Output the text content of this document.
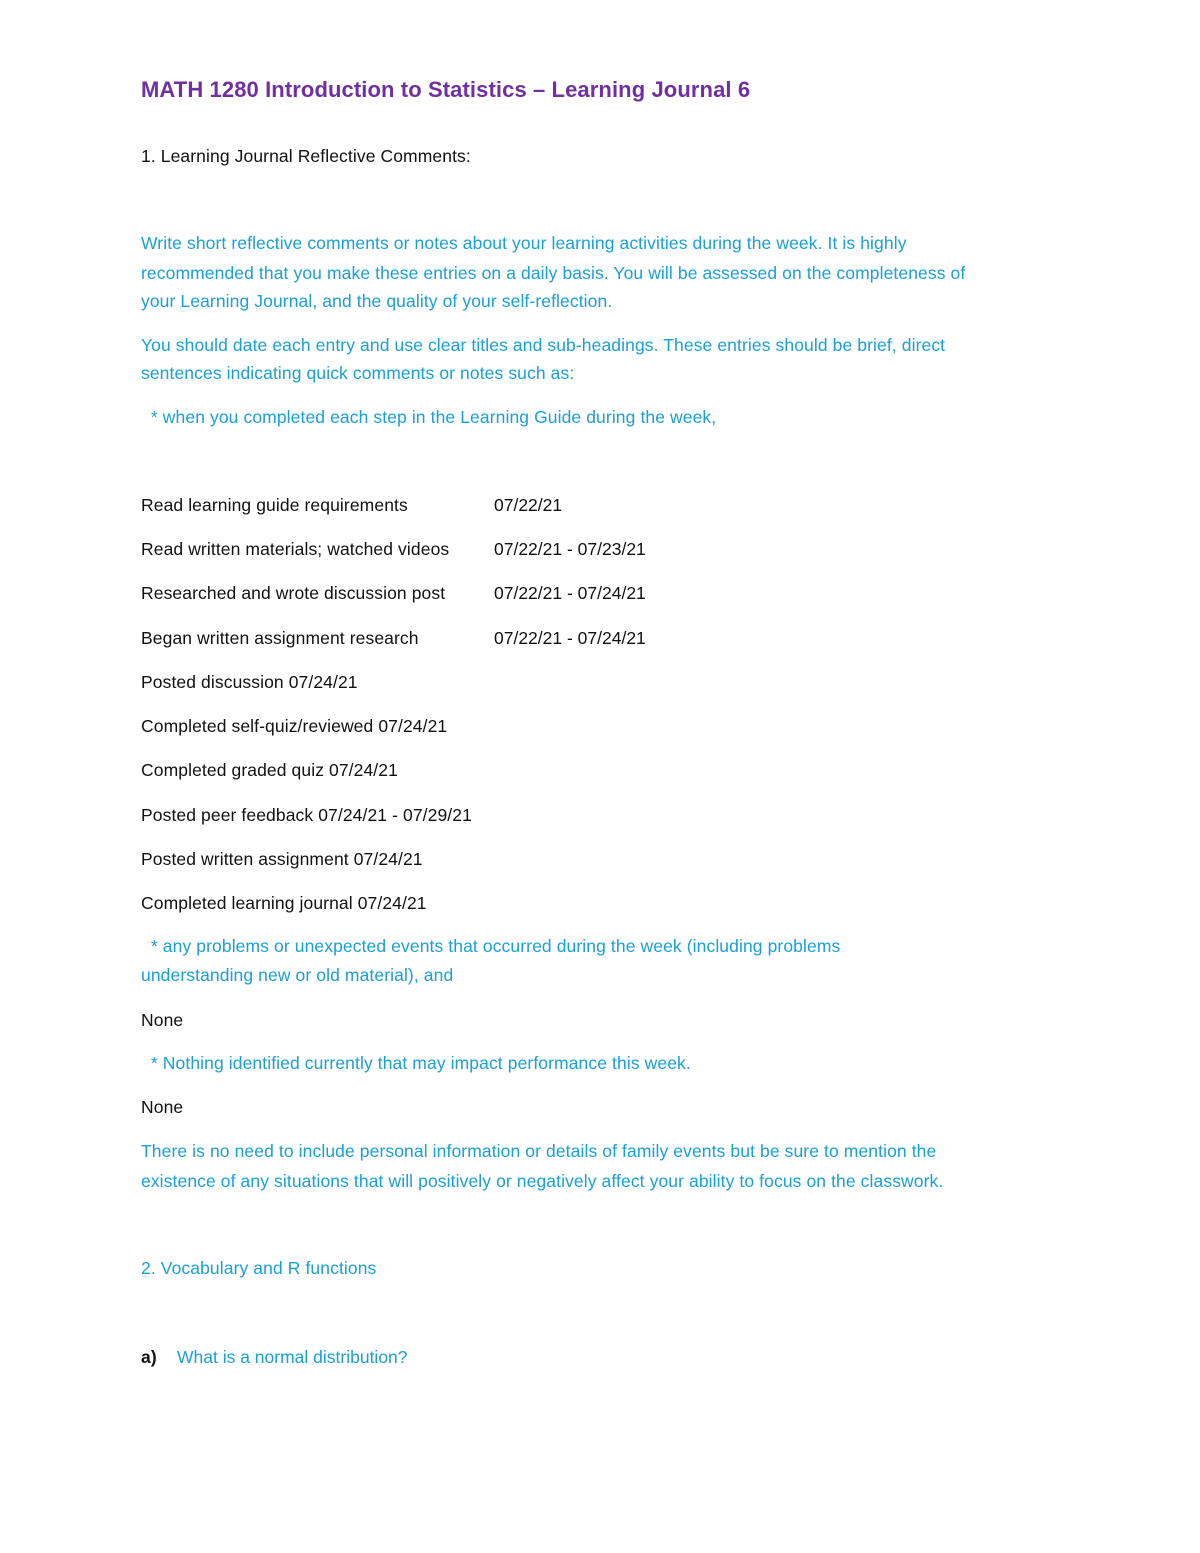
MATH 1280 Introduction to Statistics – Learning Journal 6
1. Learning Journal Reflective Comments:
Write short reflective comments or notes about your learning activities during the week. It is highly
recommended that you make these entries on a daily basis. You will be assessed on the completeness of
your Learning Journal, and the quality of your self-reflection.
You should date each entry and use clear titles and sub-headings. These entries should be brief, direct
sentences indicating quick comments or notes such as:
* when you completed each step in the Learning Guide during the week,
Read learning guide requirements	07/22/21
Read written materials; watched videos	07/22/21 - 07/23/21
Researched and wrote discussion post	07/22/21 - 07/24/21
Began written assignment research	07/22/21 - 07/24/21
Posted discussion 07/24/21
Completed self-quiz/reviewed 07/24/21
Completed graded quiz 07/24/21
Posted peer feedback 07/24/21 - 07/29/21
Posted written assignment 07/24/21
Completed learning journal 07/24/21
* any problems or unexpected events that occurred during the week (including problems
understanding new or old material), and
None
* Nothing identified currently that may impact performance this week.
None
There is no need to include personal information or details of family events but be sure to mention the
existence of any situations that will positively or negatively affect your ability to focus on the classwork.
2. Vocabulary and R functions
a) What is a normal distribution?
